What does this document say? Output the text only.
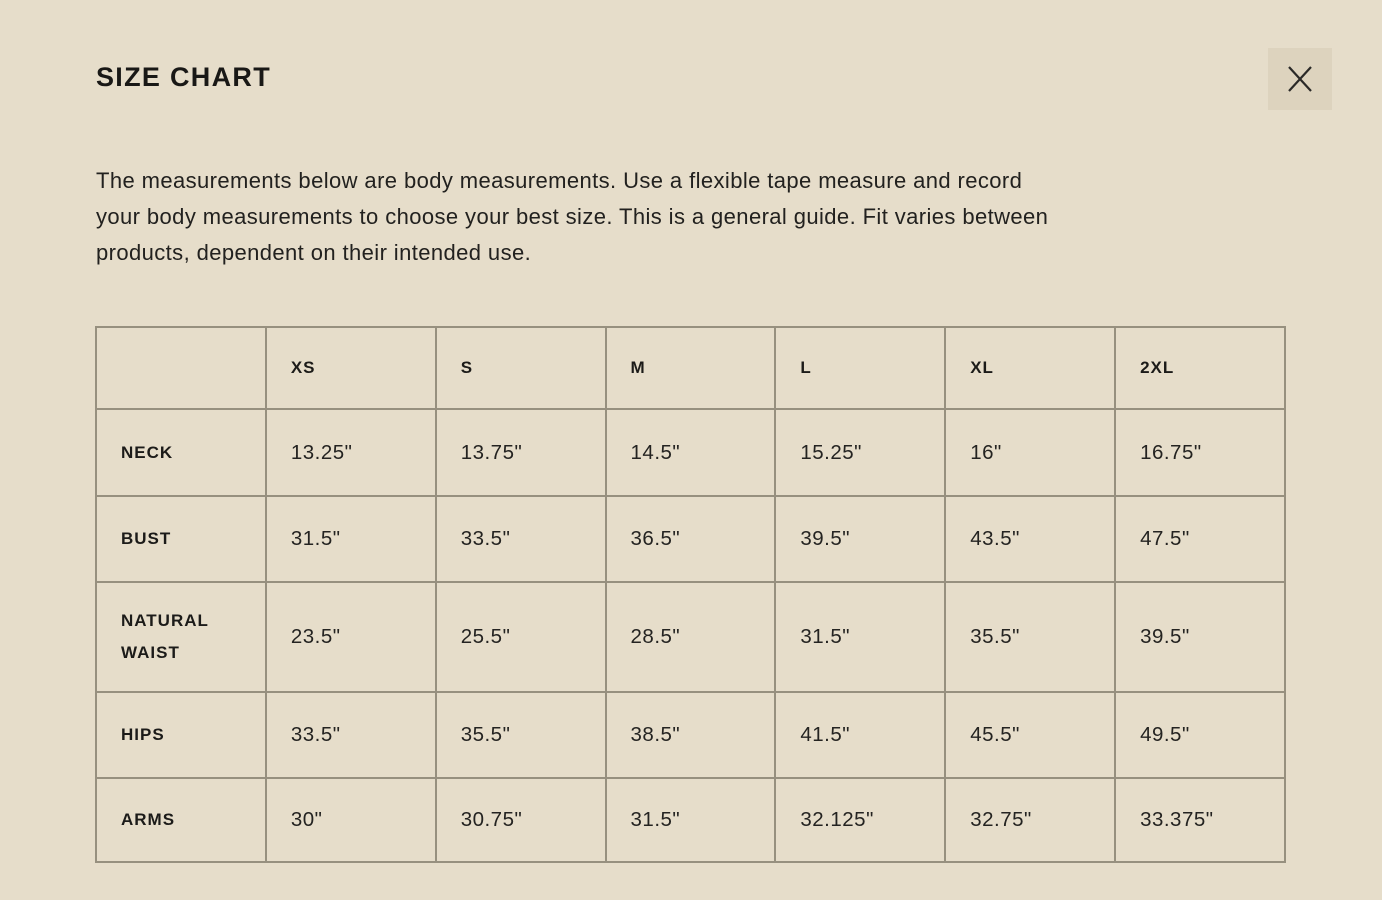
SIZE CHART

The measurements below are body measurements. Use a flexible tape measure and record
your body measurements to choose your best size. This is a general guide. Fit varies between
products, dependent on their intended use.

	XS	S	M	L	XL	2XL
NECK	13.25"	13.75"	14.5"	15.25"	16"	16.75"
BUST	31.5"	33.5"	36.5"	39.5"	43.5"	47.5"
NATURAL WAIST	23.5"	25.5"	28.5"	31.5"	35.5"	39.5"
HIPS	33.5"	35.5"	38.5"	41.5"	45.5"	49.5"
ARMS	30"	30.75"	31.5"	32.125"	32.75"	33.375"
